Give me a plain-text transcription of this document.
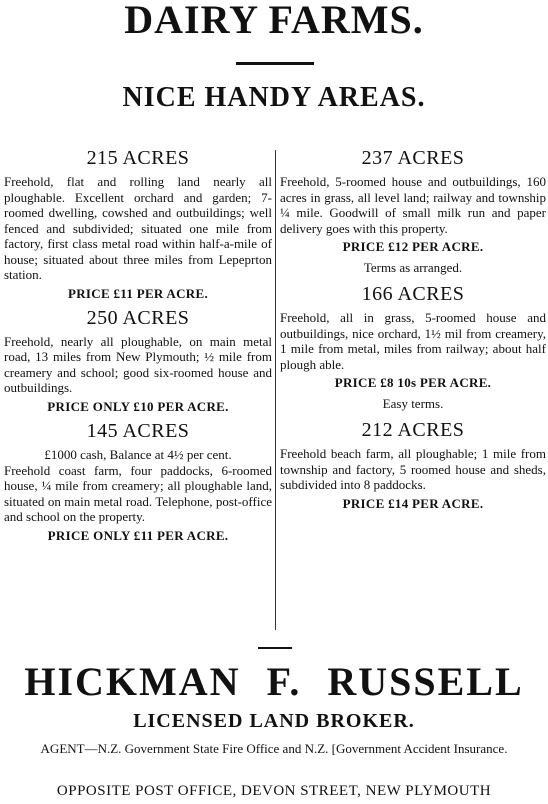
DAIRY FARMS.
NICE HANDY AREAS.
215 ACRES

Freehold, flat and rolling land nearly all ploughable. Excellent orchard and garden; 7-roomed dwelling, cowshed and outbuildings; well fenced and subdivided; situated one mile from factory, first class metal road within half-a-mile of house; situated about three miles from Lepeprton station.

PRICE £11 PER ACRE.
250 ACRES

Freehold, nearly all ploughable, on main metal road, 13 miles from New Plymouth; ½ mile from creamery and school; good six-roomed house and outbuildings.

PRICE ONLY £10 PER ACRE.
145 ACRES

£1000 cash, Balance at 4½ per cent.

Freehold coast farm, four paddocks, 6-roomed house, ¼ mile from creamery; all ploughable land, situated on main metal road. Telephone, post-office and school on the property.

PRICE ONLY £11 PER ACRE.
237 ACRES

Freehold, 5-roomed house and outbuildings, 160 acres in grass, all level land; railway and township ¼ mile. Goodwill of small milk run and paper delivery goes with this property.

PRICE £12 PER ACRE.
Terms as arranged.
166 ACRES

Freehold, all in grass, 5-roomed house and outbuildings, nice orchard, 1½ mil from creamery, 1 mile from metal, miles from railway; about half plough able.

PRICE £8 10s PER ACRE.
Easy terms.
212 ACRES

Freehold beach farm, all ploughable; 1 mile from township and factory, 5 roomed house and sheds, subdivided into 8 paddocks.

PRICE £14 PER ACRE.
HICKMAN F. RUSSELL
LICENSED LAND BROKER.
AGENT—N.Z. Government State Fire Office and N.Z. [Government Accident Insurance.
OPPOSITE POST OFFICE, DEVON STREET, NEW PLYMOUTH
